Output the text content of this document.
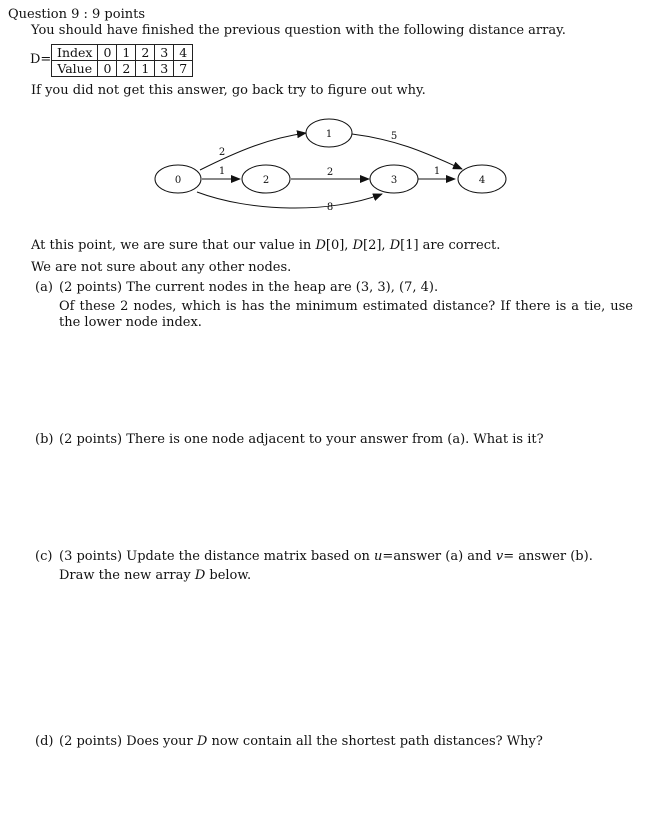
Question 9 : 9 points
You should have finished the previous question with the following distance array.
D= Index	0	1	2	3	4
Value	0	2	1	3	7
If you did not get this answer, go back try to figure out why.
0
1
2	3	4
2
1	2
8
5
1
At this point, we are sure that our value in D[0], D[2], D[1] are correct.
We are not sure about any other nodes.
(a) (2 points) The current nodes in the heap are (3, 3), (7, 4).
Of these 2 nodes, which is has the minimum estimated distance? If there is a tie, use the lower node index.
(b) (2 points) There is one node adjacent to your answer from (a). What is it?
(c) (3 points) Update the distance matrix based on u=answer (a) and v= answer (b).
Draw the new array D below.
(d) (2 points) Does your D now contain all the shortest path distances? Why?
